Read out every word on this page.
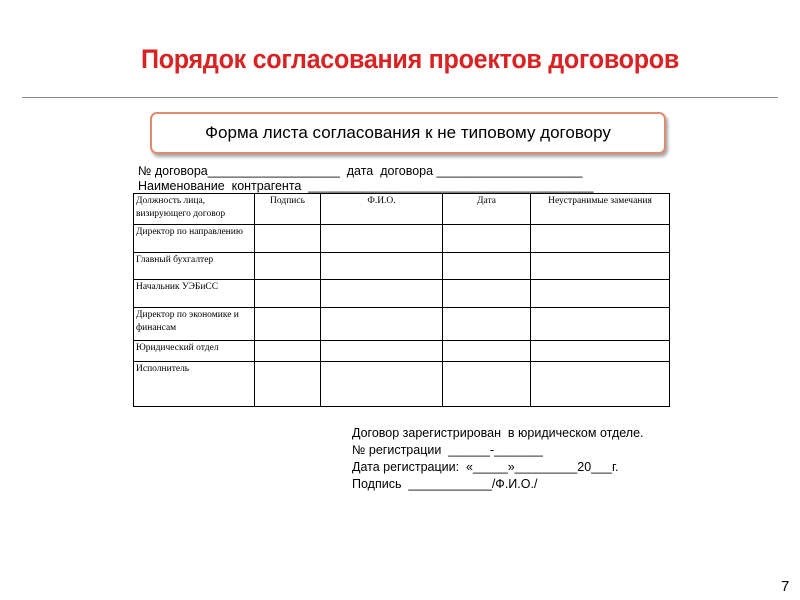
Порядок согласования проектов договоров
Форма листа согласования к не типовому договору
№ договора___________________  дата  договора _____________________
Наименование  контрагента  _________________________________________
Должность лица, визирующего договор	Подпись	Ф.И.О.	Дата	Неустранимые замечания
Директор по направлению				
Главный бухгалтер				
Начальник УЭБиСС				
Директор по экономике и финансам				
Юридический отдел				
Исполнитель				
Договор зарегистрирован  в юридическом отделе.
№ регистрации  ______-_______
Дата регистрации:  «_____»_________20___г.
Подпись  ____________/Ф.И.О./
7
